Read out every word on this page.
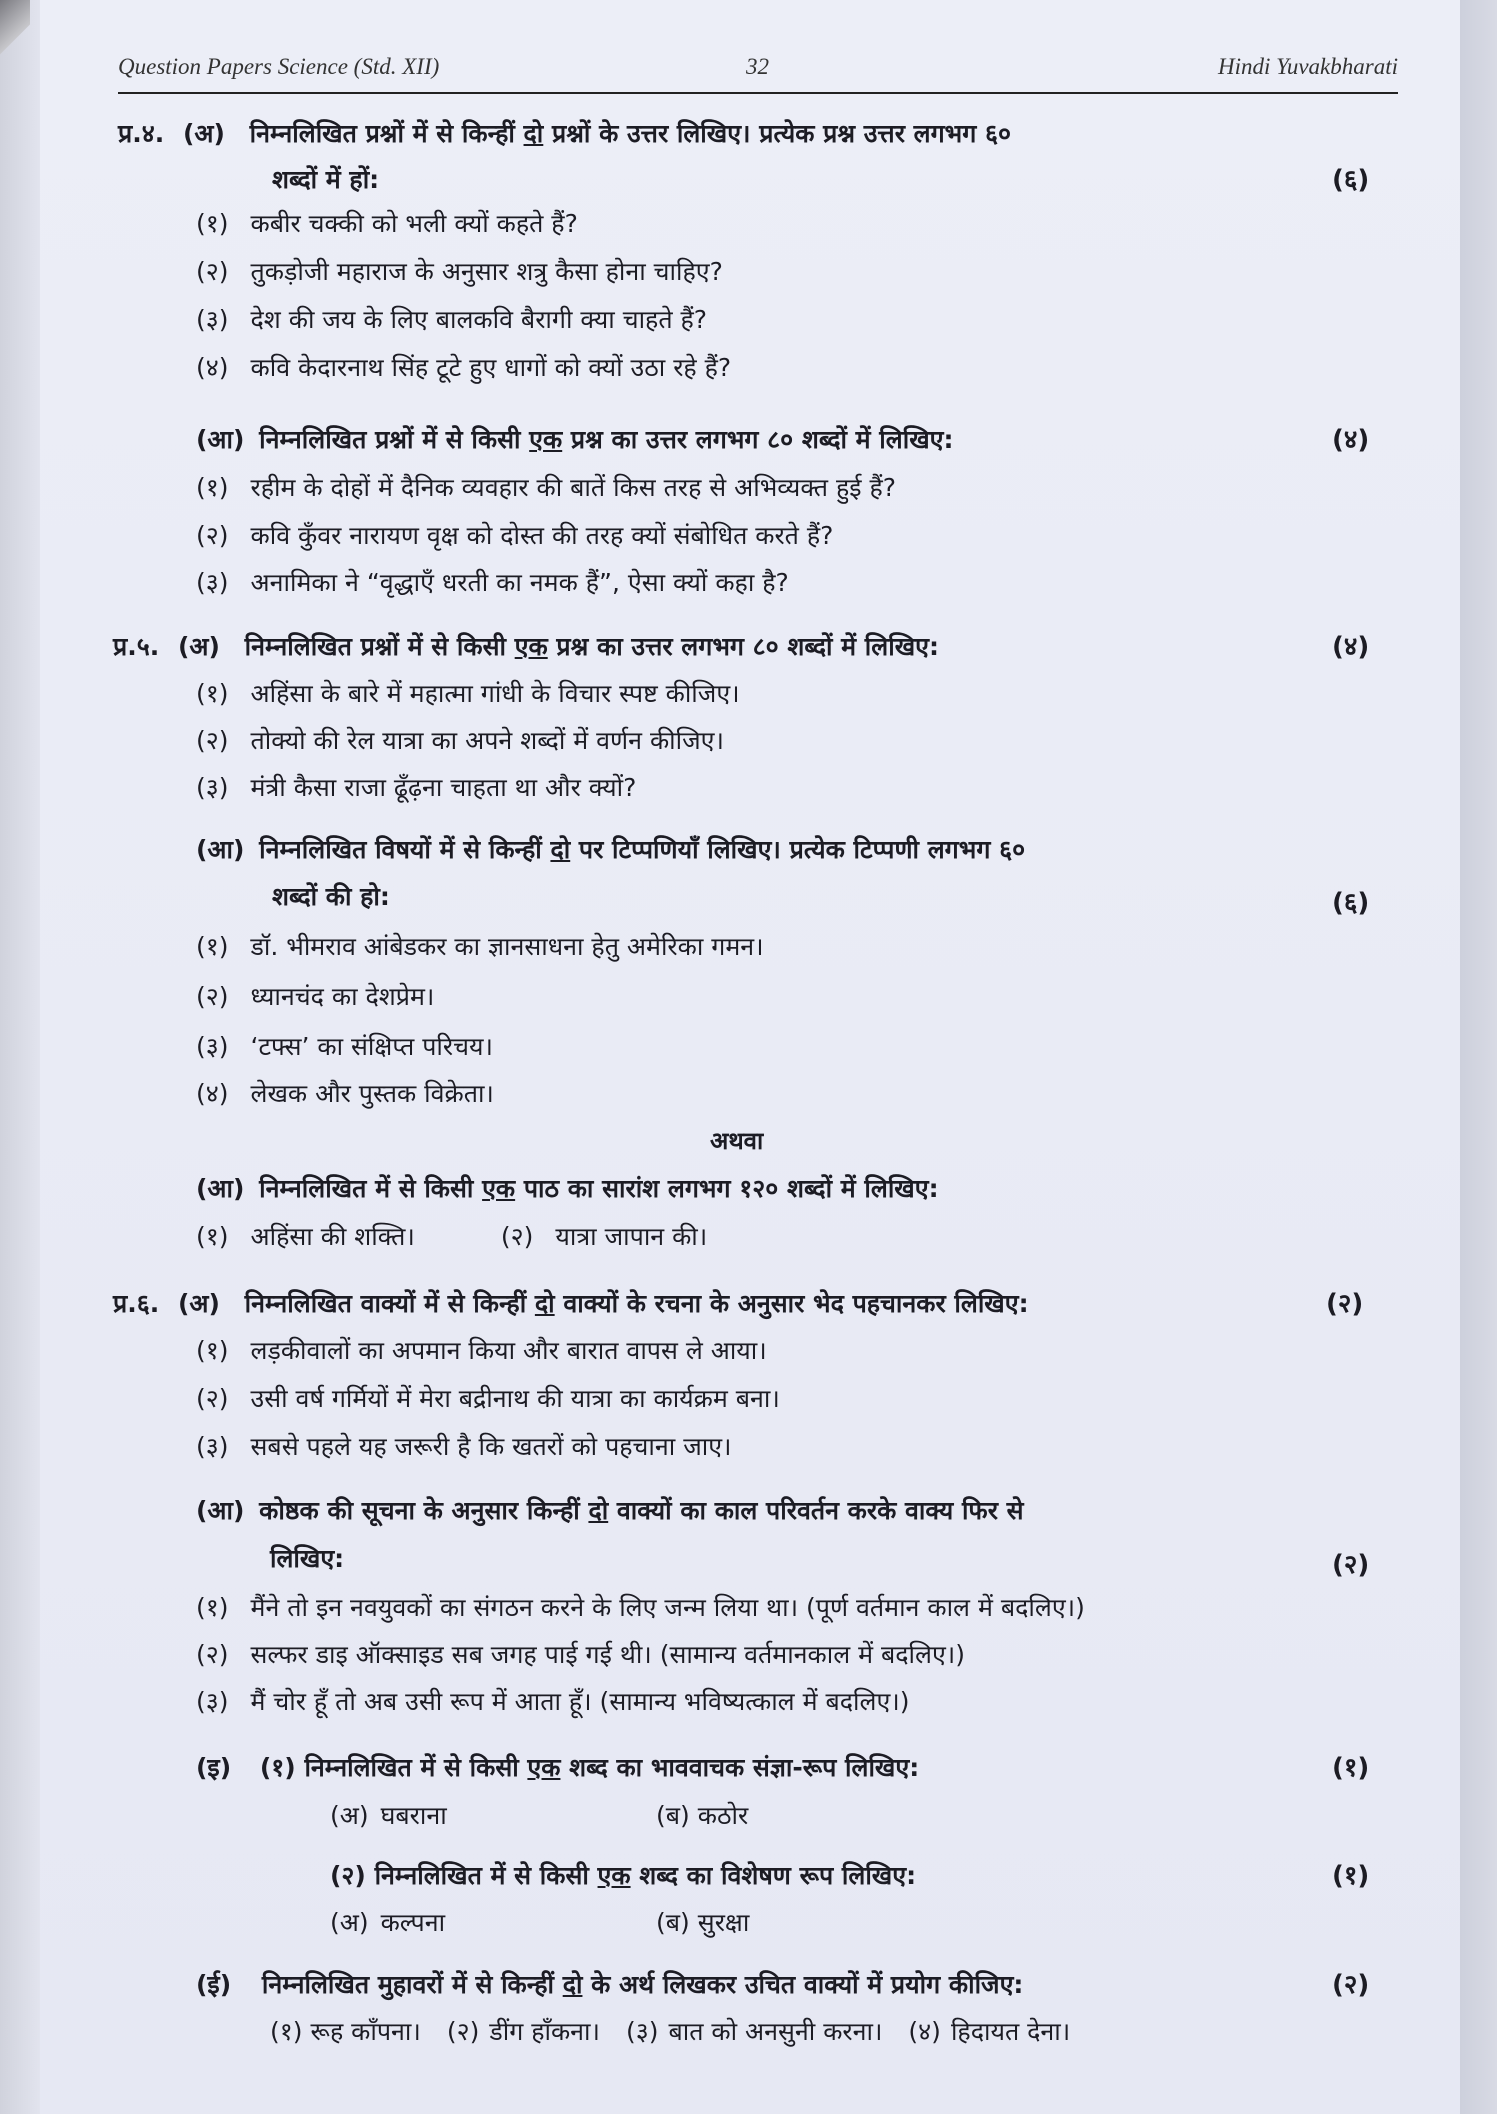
Question Papers Science (Std. XII)	32	Hindi Yuvakbharati
प्र.४. (अ) निम्नलिखित प्रश्नों में से किन्हीं दो प्रश्नों के उत्तर लिखिए। प्रत्येक प्रश्न उत्तर लगभग ६०
शब्दों में हों:	(६)
(१) कबीर चक्की को भली क्यों कहते हैं?
(२) तुकड़ोजी महाराज के अनुसार शत्रु कैसा होना चाहिए?
(३) देश की जय के लिए बालकवि बैरागी क्या चाहते हैं?
(४) कवि केदारनाथ सिंह टूटे हुए धागों को क्यों उठा रहे हैं?
(आ) निम्नलिखित प्रश्नों में से किसी एक प्रश्न का उत्तर लगभग ८० शब्दों में लिखिए:	(४)
(१) रहीम के दोहों में दैनिक व्यवहार की बातें किस तरह से अभिव्यक्त हुई हैं?
(२) कवि कुँवर नारायण वृक्ष को दोस्त की तरह क्यों संबोधित करते हैं?
(३) अनामिका ने “वृद्धाएँ धरती का नमक हैं”, ऐसा क्यों कहा है?
प्र.५. (अ) निम्नलिखित प्रश्नों में से किसी एक प्रश्न का उत्तर लगभग ८० शब्दों में लिखिए:	(४)
(१) अहिंसा के बारे में महात्मा गांधी के विचार स्पष्ट कीजिए।
(२) तोक्यो की रेल यात्रा का अपने शब्दों में वर्णन कीजिए।
(३) मंत्री कैसा राजा ढूँढ़ना चाहता था और क्यों?
(आ) निम्नलिखित विषयों में से किन्हीं दो पर टिप्पणियाँ लिखिए। प्रत्येक टिप्पणी लगभग ६०
शब्दों की हो:	(६)
(१) डॉ. भीमराव आंबेडकर का ज्ञानसाधना हेतु अमेरिका गमन।
(२) ध्यानचंद का देशप्रेम।
(३) ‘टफ्स’ का संक्षिप्त परिचय।
(४) लेखक और पुस्तक विक्रेता।
अथवा
(आ) निम्नलिखित में से किसी एक पाठ का सारांश लगभग १२० शब्दों में लिखिए:
(१) अहिंसा की शक्ति।	(२) यात्रा जापान की।
प्र.६. (अ) निम्नलिखित वाक्यों में से किन्हीं दो वाक्यों के रचना के अनुसार भेद पहचानकर लिखिए:	(२)
(१) लड़कीवालों का अपमान किया और बारात वापस ले आया।
(२) उसी वर्ष गर्मियों में मेरा बद्रीनाथ की यात्रा का कार्यक्रम बना।
(३) सबसे पहले यह जरूरी है कि खतरों को पहचाना जाए।
(आ) कोष्ठक की सूचना के अनुसार किन्हीं दो वाक्यों का काल परिवर्तन करके वाक्य फिर से
लिखिए:	(२)
(१) मैंने तो इन नवयुवकों का संगठन करने के लिए जन्म लिया था। (पूर्ण वर्तमान काल में बदलिए।)
(२) सल्फर डाइ ऑक्साइड सब जगह पाई गई थी। (सामान्य वर्तमानकाल में बदलिए।)
(३) मैं चोर हूँ तो अब उसी रूप में आता हूँ। (सामान्य भविष्यत्काल में बदलिए।)
(इ) (१) निम्नलिखित में से किसी एक शब्द का भाववाचक संज्ञा-रूप लिखिए:	(१)
(अ) घबराना	(ब) कठोर
(२) निम्नलिखित में से किसी एक शब्द का विशेषण रूप लिखिए:	(१)
(अ) कल्पना	(ब) सुरक्षा
(ई) निम्नलिखित मुहावरों में से किन्हीं दो के अर्थ लिखकर उचित वाक्यों में प्रयोग कीजिए:	(२)
(१) रूह काँपना। (२) डींग हाँकना। (३) बात को अनसुनी करना। (४) हिदायत देना।
